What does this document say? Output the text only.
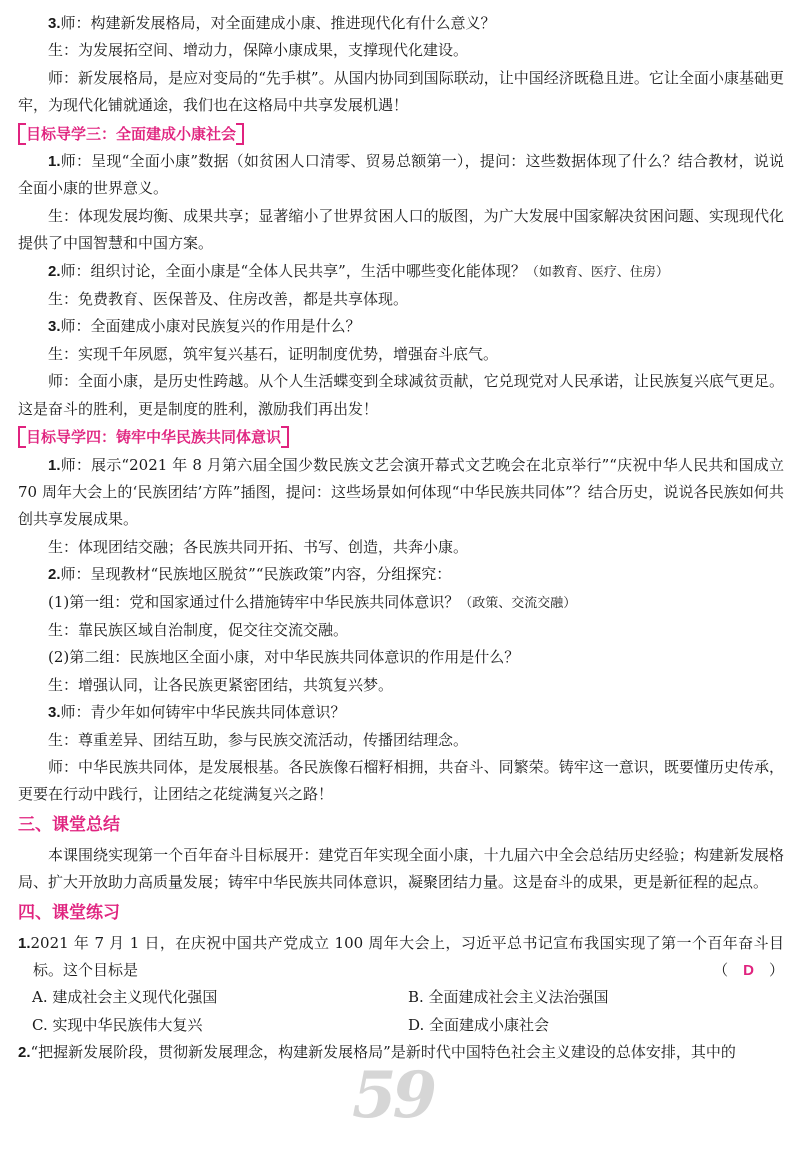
59

3.师：构建新发展格局，对全面建成小康、推进现代化有什么意义？

生：为发展拓空间、增动力，保障小康成果，支撑现代化建设。

师：新发展格局，是应对变局的“先手棋”。从国内协同到国际联动，让中国经济既稳且进。它让全面小康基础更牢，为现代化铺就通途，我们也在这格局中共享发展机遇！

目标导学三：全面建成小康社会

1.师：呈现“全面小康”数据（如贫困人口清零、贸易总额第一），提问：这些数据体现了什么？结合教材，说说全面小康的世界意义。

生：体现发展均衡、成果共享；显著缩小了世界贫困人口的版图，为广大发展中国家解决贫困问题、实现现代化提供了中国智慧和中国方案。

2.师：组织讨论，全面小康是“全体人民共享”，生活中哪些变化能体现？（如教育、医疗、住房）

生：免费教育、医保普及、住房改善，都是共享体现。

3.师：全面建成小康对民族复兴的作用是什么？

生：实现千年夙愿，筑牢复兴基石，证明制度优势，增强奋斗底气。

师：全面小康，是历史性跨越。从个人生活蝶变到全球减贫贡献，它兑现党对人民承诺，让民族复兴底气更足。这是奋斗的胜利，更是制度的胜利，激励我们再出发！

目标导学四：铸牢中华民族共同体意识

1.师：展示“2021 年 8 月第六届全国少数民族文艺会演开幕式文艺晚会在北京举行”“庆祝中华人民共和国成立 70 周年大会上的‘民族团结’方阵”插图，提问：这些场景如何体现“中华民族共同体”？结合历史，说说各民族如何共创共享发展成果。

生：体现团结交融；各民族共同开拓、书写、创造，共奔小康。

2.师：呈现教材“民族地区脱贫”“民族政策”内容，分组探究：

(1)第一组：党和国家通过什么措施铸牢中华民族共同体意识？（政策、交流交融）

生：靠民族区域自治制度，促交往交流交融。

(2)第二组：民族地区全面小康，对中华民族共同体意识的作用是什么？

生：增强认同，让各民族更紧密团结，共筑复兴梦。

3.师：青少年如何铸牢中华民族共同体意识？

生：尊重差异、团结互助，参与民族交流活动，传播团结理念。

师：中华民族共同体，是发展根基。各民族像石榴籽相拥，共奋斗、同繁荣。铸牢这一意识，既要懂历史传承，更要在行动中践行，让团结之花绽满复兴之路！

三、课堂总结

本课围绕实现第一个百年奋斗目标展开：建党百年实现全面小康，十九届六中全会总结历史经验；构建新发展格局、扩大开放助力高质量发展；铸牢中华民族共同体意识，凝聚团结力量。这是奋斗的成果，更是新征程的起点。

四、课堂练习

1.2021 年 7 月 1 日，在庆祝中国共产党成立 100 周年大会上，习近平总书记宣布我国实现了第一个百年奋斗目标。这个目标是	（　D　）

A. 建成社会主义现代化强国	B. 全面建成社会主义法治强国
C. 实现中华民族伟大复兴	D. 全面建成小康社会

2.“把握新发展阶段，贯彻新发展理念，构建新发展格局”是新时代中国特色社会主义建设的总体安排，其中的
